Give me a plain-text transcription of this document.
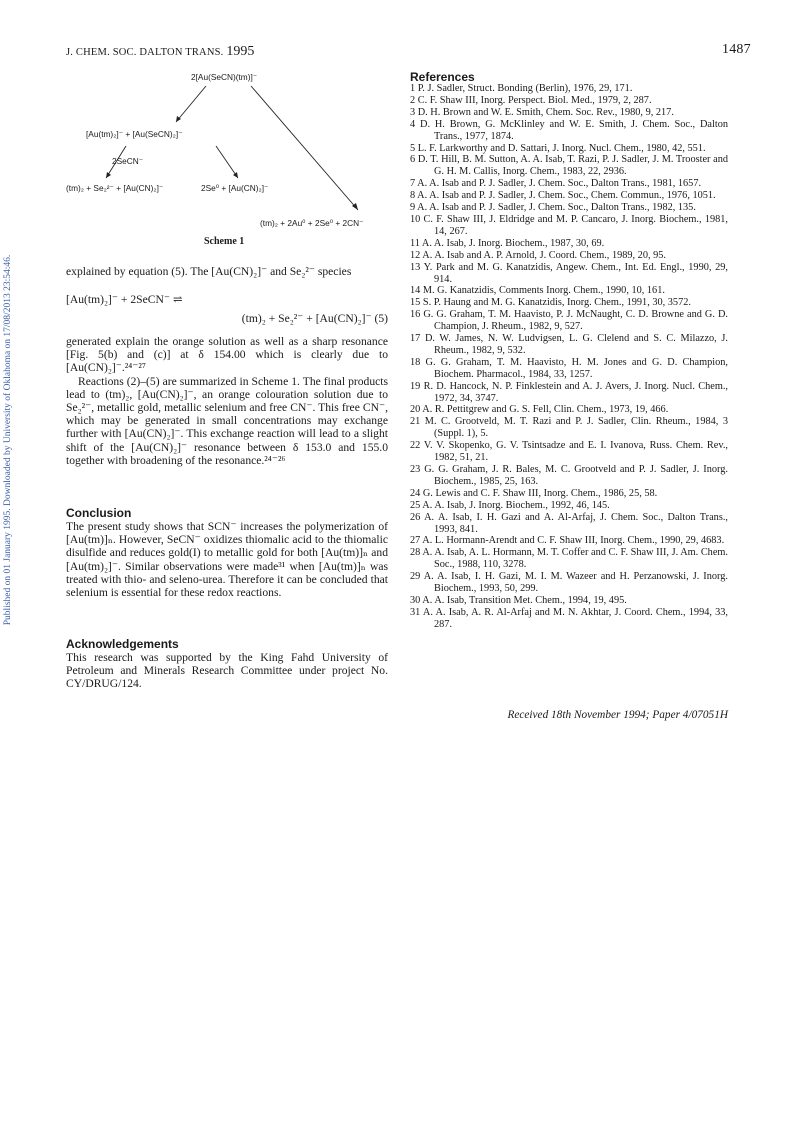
J. CHEM. SOC. DALTON TRANS. 1995	1487
Published on 01 January 1995. Downloaded by University of Oklahoma on 17/08/2013 23:54:46.
2[Au(SeCN)(tm)]⁻
[Au(tm)₂]⁻ + [Au(SeCN)₂]⁻
2SeCN⁻
(tm)₂ + Se₂²⁻ + [Au(CN)₂]⁻	2Se⁰ + [Au(CN)₂]⁻
(tm)₂ + 2Au⁰ + 2Se⁰ + 2CN⁻
Scheme 1

explained by equation (5). The [Au(CN)₂]⁻ and Se₂²⁻ species

[Au(tm)₂]⁻ + 2SeCN⁻ ⇌
(tm)₂ + Se₂²⁻ + [Au(CN)₂]⁻ (5)

generated explain the orange solution as well as a sharp resonance [Fig. 5(b) and (c)] at δ 154.00 which is clearly due to [Au(CN)₂]⁻.²⁴⁻²⁷

Reactions (2)–(5) are summarized in Scheme 1. The final products lead to (tm)₂, [Au(CN)₂]⁻, an orange colouration solution due to Se₂²⁻, metallic gold, metallic selenium and free CN⁻. This free CN⁻, which may be generated in small concentrations may exchange further with [Au(CN)₂]⁻. This exchange reaction will lead to a slight shift of the [Au(CN)₂]⁻ resonance between δ 153.0 and 155.0 together with broadening of the resonance.²⁴⁻²⁶

Conclusion

The present study shows that SCN⁻ increases the polymerization of [Au(tm)]ₙ. However, SeCN⁻ oxidizes thiomalic acid to the thiomalic disulfide and reduces gold(I) to metallic gold for both [Au(tm)]ₙ and [Au(tm)₂]⁻. Similar observations were made³¹ when [Au(tm)]ₙ was treated with thio- and seleno-urea. Therefore it can be concluded that selenium is essential for these redox reactions.

Acknowledgements

This research was supported by the King Fahd University of Petroleum and Minerals Research Committee under project No. CY/DRUG/124.

References
1 P. J. Sadler, Struct. Bonding (Berlin), 1976, 29, 171.
2 C. F. Shaw III, Inorg. Perspect. Biol. Med., 1979, 2, 287.
3 D. H. Brown and W. E. Smith, Chem. Soc. Rev., 1980, 9, 217.
4 D. H. Brown, G. McKlinley and W. E. Smith, J. Chem. Soc., Dalton Trans., 1977, 1874.
5 L. F. Larkworthy and D. Sattari, J. Inorg. Nucl. Chem., 1980, 42, 551.
6 D. T. Hill, B. M. Sutton, A. A. Isab, T. Razi, P. J. Sadler, J. M. Trooster and G. H. M. Callis, Inorg. Chem., 1983, 22, 2936.
7 A. A. Isab and P. J. Sadler, J. Chem. Soc., Dalton Trans., 1981, 1657.
8 A. A. Isab and P. J. Sadler, J. Chem. Soc., Chem. Commun., 1976, 1051.
9 A. A. Isab and P. J. Sadler, J. Chem. Soc., Dalton Trans., 1982, 135.
10 C. F. Shaw III, J. Eldridge and M. P. Cancaro, J. Inorg. Biochem., 1981, 14, 267.
11 A. A. Isab, J. Inorg. Biochem., 1987, 30, 69.
12 A. A. Isab and A. P. Arnold, J. Coord. Chem., 1989, 20, 95.
13 Y. Park and M. G. Kanatzidis, Angew. Chem., Int. Ed. Engl., 1990, 29, 914.
14 M. G. Kanatzidis, Comments Inorg. Chem., 1990, 10, 161.
15 S. P. Haung and M. G. Kanatzidis, Inorg. Chem., 1991, 30, 3572.
16 G. G. Graham, T. M. Haavisto, P. J. McNaught, C. D. Browne and G. D. Champion, J. Rheum., 1982, 9, 527.
17 D. W. James, N. W. Ludvigsen, L. G. Clelend and S. C. Milazzo, J. Rheum., 1982, 9, 532.
18 G. G. Graham, T. M. Haavisto, H. M. Jones and G. D. Champion, Biochem. Pharmacol., 1984, 33, 1257.
19 R. D. Hancock, N. P. Finklestein and A. J. Avers, J. Inorg. Nucl. Chem., 1972, 34, 3747.
20 A. R. Pettitgrew and G. S. Fell, Clin. Chem., 1973, 19, 466.
21 M. C. Grootveld, M. T. Razi and P. J. Sadler, Clin. Rheum., 1984, 3 (Suppl. 1), 5.
22 V. V. Skopenko, G. V. Tsintsadze and E. I. Ivanova, Russ. Chem. Rev., 1982, 51, 21.
23 G. G. Graham, J. R. Bales, M. C. Grootveld and P. J. Sadler, J. Inorg. Biochem., 1985, 25, 163.
24 G. Lewis and C. F. Shaw III, Inorg. Chem., 1986, 25, 58.
25 A. A. Isab, J. Inorg. Biochem., 1992, 46, 145.
26 A. A. Isab, I. H. Gazi and A. Al-Arfaj, J. Chem. Soc., Dalton Trans., 1993, 841.
27 A. L. Hormann-Arendt and C. F. Shaw III, Inorg. Chem., 1990, 29, 4683.
28 A. A. Isab, A. L. Hormann, M. T. Coffer and C. F. Shaw III, J. Am. Chem. Soc., 1988, 110, 3278.
29 A. A. Isab, I. H. Gazi, M. I. M. Wazeer and H. Perzanowski, J. Inorg. Biochem., 1993, 50, 299.
30 A. A. Isab, Transition Met. Chem., 1994, 19, 495.
31 A. A. Isab, A. R. Al-Arfaj and M. N. Akhtar, J. Coord. Chem., 1994, 33, 287.
Received 18th November 1994; Paper 4/07051H
